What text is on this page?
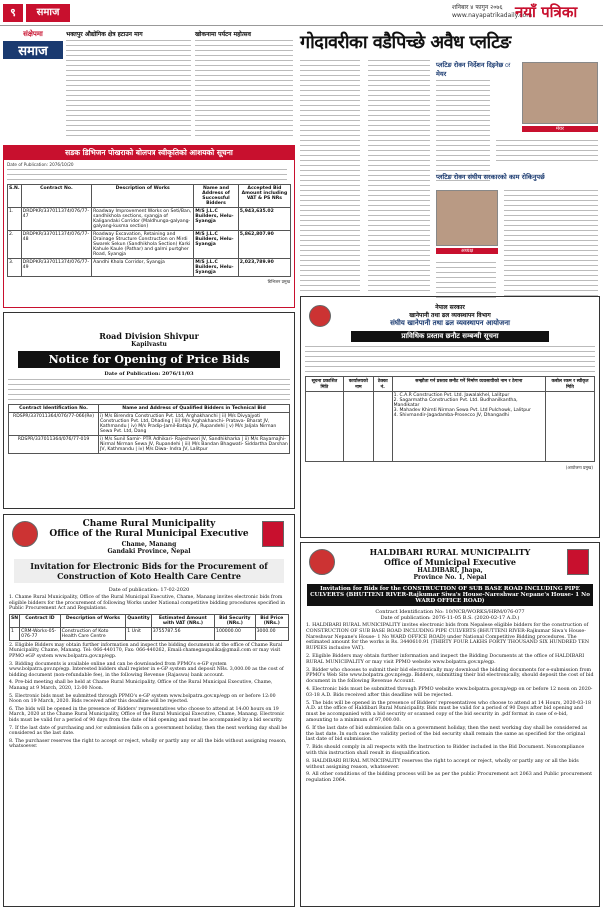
९	समाज	शनिबार ४ फागुन २०७६
www.nayapatrikadaily.com
नयाँ पत्रिका
संक्षेपमा
समाज
भक्तपुर औद्योगिक क्षेत्र हटाउन माग	खोकनामा पर्यटन महोत्सव	गोदावरीका वडैपिच्छे अवैध प्लटिङ
प्लटिङ रोक्न निर्देशन दिइनेछ ः मेयर
मेयर
प्लटिङ रोक्न संघीय सरकारको काम रोकिनुपर्छ
अध्यक्ष
सडक डिभिजन पोखराको बोलपत्र स्वीकृतिको आशयको सूचना
Date of Publication: 2076/10/20
S.N.	Contract No.	Description of Works	Name and Address of Successful Bidders	Accepted Bid Amount including VAT & PS NRs
1.	DRDPKR/337011374/076/77-47	Roadway Improvement Works on Seti/Ban, sandhikhola sections, syangja of Kaligandaki Corridor (Maldhunga-galyang-galyang-kusma section)	M/S J.L.C Builders, Helu-Syangja	5,943,635.02
2.	DRDPKR/337011374/076/77-48	Roadway Excavation, Retaining and Drainage Structure Construction on Mirdi Swarek Sekun (Sandhikhola Section) Karki Kahule Kaule (Pathar) and galmi purtgher Road, Syangja	M/S J.L.C Builders, Helu-Syangja	5,862,807.90
3.	DRDPKR/337011374/076/77-49	Aandhi Khola Corridor, Syangja	M/S J.L.C Builders, Helu-Syangja	2,023,789.90
डिभिजन प्रमुख
Road Division Shivpur
Kapilvastu
Notice for Opening of Price Bids
Date of Publication: 2076/11/03
Contract Identification No.	Name and Address of Qualified Bidders in Technical Bid
RDSPR/337011364/076/77-066(Re)	i) M/s Birendra Construction Pvt. Ltd, Arghakhanchi | ii) M/s Divyajyoti Construction Pvt. Ltd, Dhading | iii) M/s Arghakhanchi- Pratava- Bharat JV, Kathmandu | iv) M/s Pradip-Jamil-Bataja JV, Rupandehi | v) M/s Jaljala Nirman Sewa Pvt. Ltd, Dang
RDSPR/337011364/076/77-019	i) M/s Sunil Samir- PTR Adhikari- Rajeshwori JV, Sandhikharka | ii) M/s Rayamajhi- Nirmal Nirman Sewa JV, Rupandehi | iii) M/s Bandan Bhagwati- Siddartha Darshan JV, Kathmandu | iv) M/s Diwa- Indra JV, Lalitpur
नेपाल सरकार
खानेपानी तथा ढल व्यवस्थापन विभाग
संघीय खानेपानी तथा ढल व्यवस्थापन आयोजना
प्राविधिक प्रस्ताव छनौट सम्बन्धी सूचना
सूचना प्रकाशित मिति	कार्यालयको नाम	ठेक्का नं.	सम्झौता गर्न प्रस्ताव छनौट गर्ने निर्माण व्यवसायीको नाम र ठेगाना	कबोल रकम र स्वीकृत मिति

			1. C.A.R Construction Pvt. Ltd. Jawalakhel, Lalitpur
2. Sagarmatha Construction Pvt. Ltd. Budhanilkantha, Mandikatar
3. Mahadev Khimti Nirman Sewa Pvt. Ltd Pulchowk, Lalitpur
4. Shivmandir-Jagadamba-Prosecco JV, Dhangadhi	

(आयोजना प्रमुख)
Chame Rural Municipality
Office of the Rural Municipal Executive
Chame, Manang
Gandaki Province, Nepal
Invitation for Electronic Bids for the Procurement of Construction of Koto Health Care Centre
Date of publication: 17-02-2020
1. Chame Rural Municipality, Office of the Rural Municipal Executive, Chame, Manang invites electronic bids from eligible bidders for the procurement of following Works under National competitive bidding procedures specified in Public Procurement Act and Regulations.
SN	Contract ID	Description of Works	Quantity	Estimated Amount with VAT (NRs.)	Bid Security (NRs.)	Bid Price (NRs.)
1	CRM-Works-05-076-77	Construction of Koto Health Care Centre	1 Unit	3755787.56	100000.00	3000.00
2. Eligible Bidders may obtain further information and inspect the bidding documents at the office of Chame Rural Municipality, Chame, Manang. Tel: 066-440170, Fax: 066-440262, Email:chamegaupalika@gmail.com or may visit PPMO eGP system www.bolpatra.gov.np/egp.
3. Bidding documents is available online and can be downloaded from PPMO's e-GP system www.bolpatra.gov.np/egp. Interested bidders shall register in e-GP system and deposit NRs. 3,000.00 as the cost of bidding document (non-refundable fee), in the following Revenue (Rajaswa) bank account.
4. Pre-bid meeting shall be held at Chame Rural Municipality, Office of the Rural Municipal Executive, Chame, Manang at 9 March, 2020, 12:00 Noon.
5. Electronic bids must be submitted through PPMO's e-GP system www.bolpatra.gov.np/egp on or before 12:00 Noon on 19 March, 2020. Bids received after this deadline will be rejected.
6. The bids will be opened in the presence of Bidders' representatives who choose to attend at 14:00 hours on 19 March, 2020 at the Chame Rural Municipality, Office of the Rural Municipal Executive, Chame, Manang. Electronic bids must be valid for a period of 90 days from the date of bid opening and must be accompanied by a bid security.
7. If the last date of purchasing and /or submission falls on a government holiday, then the next working day shall be considered as the last date.
8. The purchaser reserves the right to accept or reject, wholly or partly any or all the bids without assigning reason, whatsoever.
HALDIBARI RURAL MUNICIPALITY
Office of Municipal Executive
HALDIBARI, Jhapa,
Province No. 1, Nepal
Invitation for Bids for the CONSTRUCTION OF SUB BASE ROAD INCLUDING PIPE CULVERTS (BHUTTENI RIVER-Rajkumar Siwa's House-Nareshwar Nepane's House- 1 No WARD OFFICE ROAD)
Contract Identification No: 10/NCB/WORKS/HRM/076-077
Date of publication: 2076-11-05 B.S. (2020-02-17 A.D.)
1. HALDIBARI RURAL MUNICIPALITY invites electronic bids from Nepalese eligible bidders for the construction of CONSTRUCTION OF SUB BASE ROAD INCLUDING PIPE CULVERTS (BHUTTENI RIVER-Rajkumar Siwa's House-Nareshwar Nepane's House- 1 No WARD OFFICE ROAD) under National Competitive Bidding procedures. The estimated amount for the works is Rs. 3440610.91 (THIRTY FOUR LAKHS FORTY THOUSAND SIX HUNDRED TEN RUPEES inclusive VAT).
2. Eligible Bidders may obtain further information and inspect the Bidding Documents at the office of HALDIBARI RURAL MUNICIPALITY or may visit PPMO website www.bolpatra.gov.np/egp.
3. Bidder who chooses to submit their bid electronically may download the bidding documents for e-submission from PPMO's Web Site www.bolpatra.gov.np/egp. Bidders, submitting their bid electronically, should deposit the cost of bid document in the following Revenue Account.
4. Electronic bids must be submitted through PPMO website www.bolpatra.gov.np/egp on or before 12 noon on 2020-03-18 A.D. Bids received after this deadline will be rejected.
5. The bids will be opened in the presence of Bidders' representatives who choose to attend at 14 Hours, 2020-03-18 A.D. at the office of Haldibari Rural Municipality. Bids must be valid for a period of 90 Days after bid opening and must be accompanied with a bid security or scanned copy of the bid security in .pdf format in case of e-bid, amounting to a minimum of 97,000.00.
6. If the last date of bid submission falls on a government holiday, then the next working day shall be considered as the last date. In such case the validity period of the bid security shall remain the same as specified for the original last date of bid submission.
7. Bids should comply in all respects with the Instruction to Bidder included in the Bid Document. Noncompliance with this instruction shall result in disqualification.
8. HALDIBARI RURAL MUNICIPALITY reserves the right to accept or reject, wholly or partly any or all the bids without assigning reason, whatsoever.
9. All other conditions of the bidding process will be as per the public Procurement act 2063 and Public procurement regulation 2064.
